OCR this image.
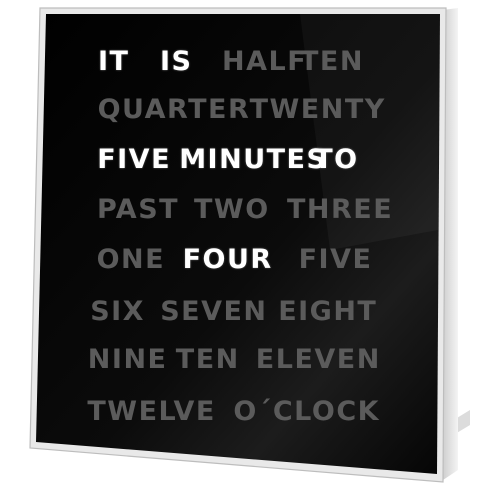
IT IS HALF
TEN
QUARTER TWENTY
FIVE MINUTES
TO
PAST TWO THREE
ONE FOUR FIVE
SIX SEVEN EIGHT
NINE TEN ELEVEN
TWELVE O´CLOCK
